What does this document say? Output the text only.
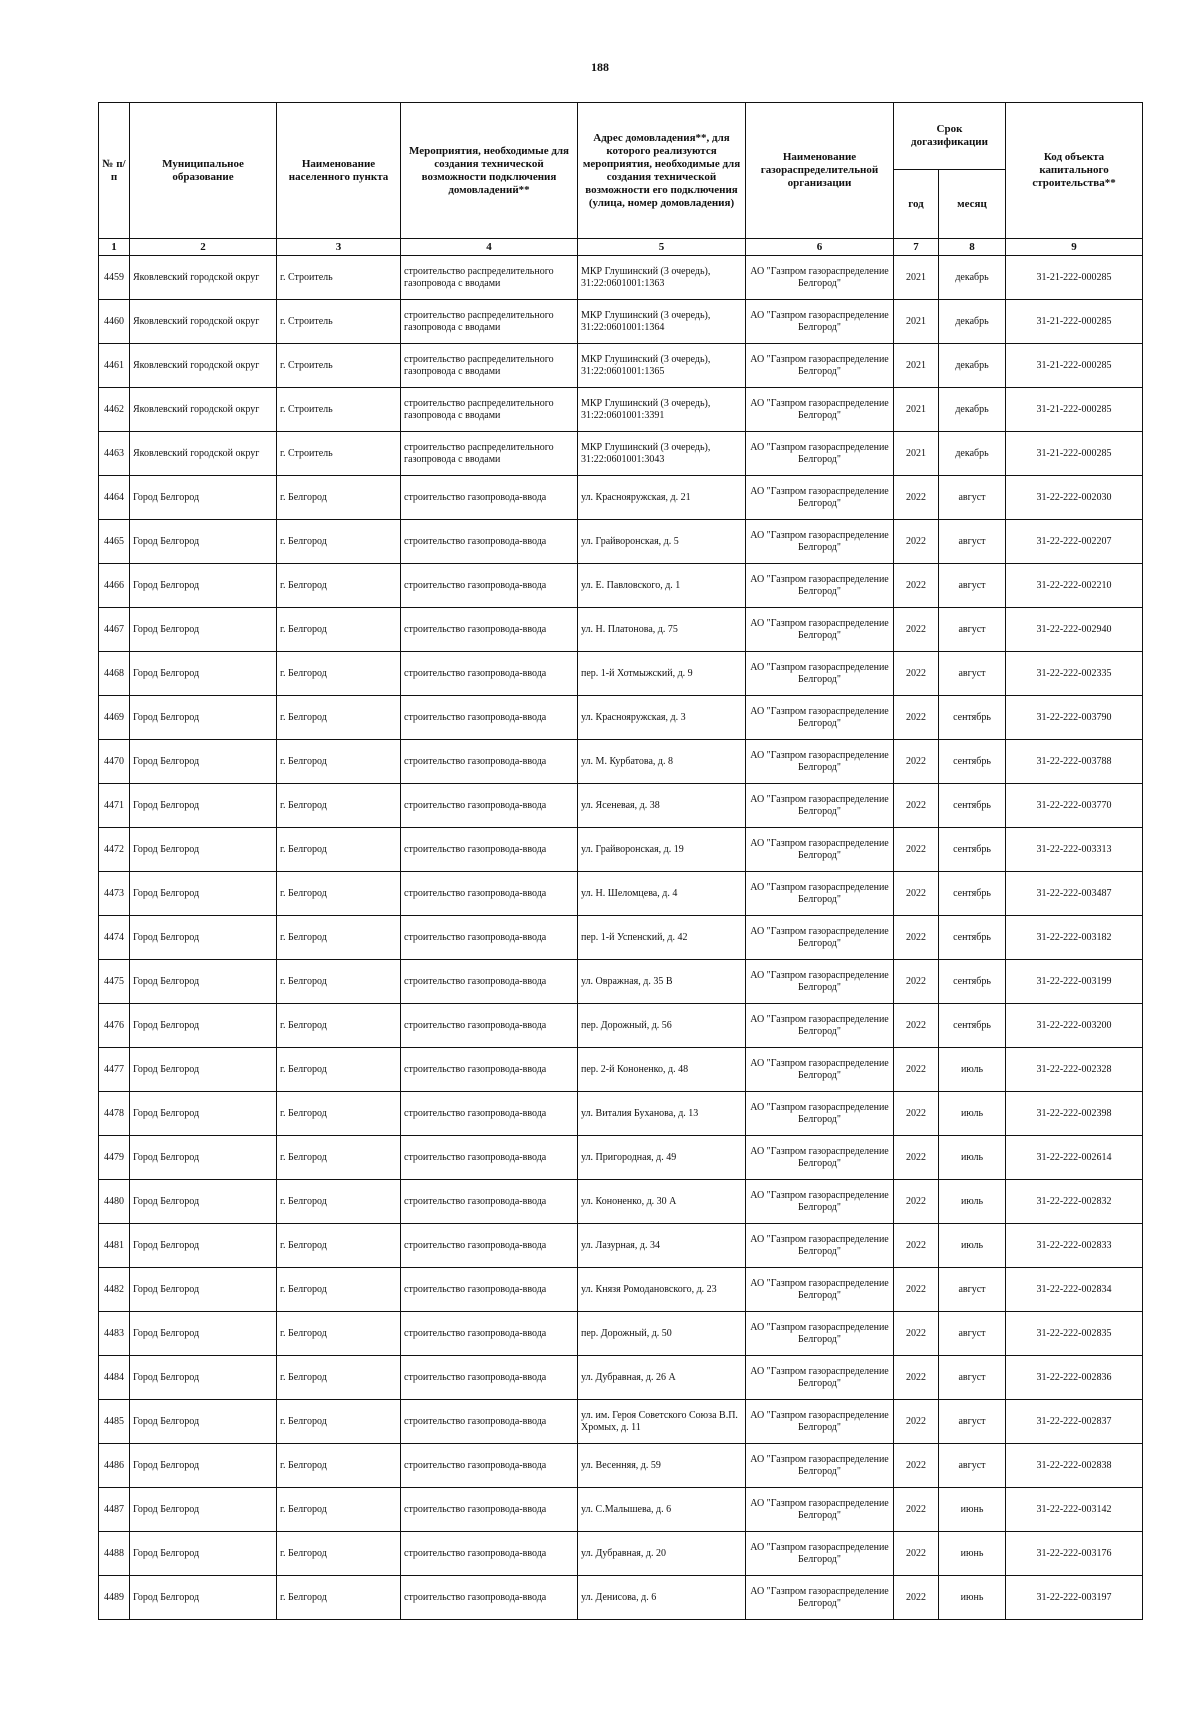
188
№ п/п	Муниципальное образование	Наименование населенного пункта	Мероприятия, необходимые для создания технической возможности подключения домовладений**	Адрес домовладения**, для которого реализуются мероприятия, необходимые для создания технической возможности его подключения (улица, номер домовладения)	Наименование газораспределительной организации	Срок догазификации		Код объекта капитального строительства**
						год	месяц	
1	2	3	4	5	6	7	8	9
4459	Яковлевский городской округ	г. Строитель	строительство распределительного газопровода с вводами	МКР Глушинский (3 очередь), 31:22:0601001:1363	АО "Газпром газораспределение Белгород"	2021	декабрь	31-21-222-000285
4460	Яковлевский городской округ	г. Строитель	строительство распределительного газопровода с вводами	МКР Глушинский (3 очередь), 31:22:0601001:1364	АО "Газпром газораспределение Белгород"	2021	декабрь	31-21-222-000285
4461	Яковлевский городской округ	г. Строитель	строительство распределительного газопровода с вводами	МКР Глушинский (3 очередь), 31:22:0601001:1365	АО "Газпром газораспределение Белгород"	2021	декабрь	31-21-222-000285
4462	Яковлевский городской округ	г. Строитель	строительство распределительного газопровода с вводами	МКР Глушинский (3 очередь), 31:22:0601001:3391	АО "Газпром газораспределение Белгород"	2021	декабрь	31-21-222-000285
4463	Яковлевский городской округ	г. Строитель	строительство распределительного газопровода с вводами	МКР Глушинский (3 очередь), 31:22:0601001:3043	АО "Газпром газораспределение Белгород"	2021	декабрь	31-21-222-000285
4464	Город Белгород	г. Белгород	строительство газопровода-ввода	ул. Краснояружская, д. 21	АО "Газпром газораспределение Белгород"	2022	август	31-22-222-002030
4465	Город Белгород	г. Белгород	строительство газопровода-ввода	ул. Грайворонская, д. 5	АО "Газпром газораспределение Белгород"	2022	август	31-22-222-002207
4466	Город Белгород	г. Белгород	строительство газопровода-ввода	ул. Е. Павловского, д. 1	АО "Газпром газораспределение Белгород"	2022	август	31-22-222-002210
4467	Город Белгород	г. Белгород	строительство газопровода-ввода	ул. Н. Платонова, д. 75	АО "Газпром газораспределение Белгород"	2022	август	31-22-222-002940
4468	Город Белгород	г. Белгород	строительство газопровода-ввода	пер. 1-й Хотмыжский, д. 9	АО "Газпром газораспределение Белгород"	2022	август	31-22-222-002335
4469	Город Белгород	г. Белгород	строительство газопровода-ввода	ул. Краснояружская, д. 3	АО "Газпром газораспределение Белгород"	2022	сентябрь	31-22-222-003790
4470	Город Белгород	г. Белгород	строительство газопровода-ввода	ул. М. Курбатова, д. 8	АО "Газпром газораспределение Белгород"	2022	сентябрь	31-22-222-003788
4471	Город Белгород	г. Белгород	строительство газопровода-ввода	ул. Ясеневая, д. 38	АО "Газпром газораспределение Белгород"	2022	сентябрь	31-22-222-003770
4472	Город Белгород	г. Белгород	строительство газопровода-ввода	ул. Грайворонская, д. 19	АО "Газпром газораспределение Белгород"	2022	сентябрь	31-22-222-003313
4473	Город Белгород	г. Белгород	строительство газопровода-ввода	ул. Н. Шеломцева, д. 4	АО "Газпром газораспределение Белгород"	2022	сентябрь	31-22-222-003487
4474	Город Белгород	г. Белгород	строительство газопровода-ввода	пер. 1-й Успенский, д. 42	АО "Газпром газораспределение Белгород"	2022	сентябрь	31-22-222-003182
4475	Город Белгород	г. Белгород	строительство газопровода-ввода	ул. Овражная, д. 35 В	АО "Газпром газораспределение Белгород"	2022	сентябрь	31-22-222-003199
4476	Город Белгород	г. Белгород	строительство газопровода-ввода	пер. Дорожный, д. 56	АО "Газпром газораспределение Белгород"	2022	сентябрь	31-22-222-003200
4477	Город Белгород	г. Белгород	строительство газопровода-ввода	пер. 2-й Кононенко, д. 48	АО "Газпром газораспределение Белгород"	2022	июль	31-22-222-002328
4478	Город Белгород	г. Белгород	строительство газопровода-ввода	ул. Виталия Буханова, д. 13	АО "Газпром газораспределение Белгород"	2022	июль	31-22-222-002398
4479	Город Белгород	г. Белгород	строительство газопровода-ввода	ул. Пригородная, д. 49	АО "Газпром газораспределение Белгород"	2022	июль	31-22-222-002614
4480	Город Белгород	г. Белгород	строительство газопровода-ввода	ул. Кононенко, д. 30 А	АО "Газпром газораспределение Белгород"	2022	июль	31-22-222-002832
4481	Город Белгород	г. Белгород	строительство газопровода-ввода	ул. Лазурная, д. 34	АО "Газпром газораспределение Белгород"	2022	июль	31-22-222-002833
4482	Город Белгород	г. Белгород	строительство газопровода-ввода	ул. Князя Ромодановского, д. 23	АО "Газпром газораспределение Белгород"	2022	август	31-22-222-002834
4483	Город Белгород	г. Белгород	строительство газопровода-ввода	пер. Дорожный, д. 50	АО "Газпром газораспределение Белгород"	2022	август	31-22-222-002835
4484	Город Белгород	г. Белгород	строительство газопровода-ввода	ул. Дубравная, д. 26 А	АО "Газпром газораспределение Белгород"	2022	август	31-22-222-002836
4485	Город Белгород	г. Белгород	строительство газопровода-ввода	ул. им. Героя Советского Союза В.П. Хромых, д. 11	АО "Газпром газораспределение Белгород"	2022	август	31-22-222-002837
4486	Город Белгород	г. Белгород	строительство газопровода-ввода	ул. Весенняя, д. 59	АО "Газпром газораспределение Белгород"	2022	август	31-22-222-002838
4487	Город Белгород	г. Белгород	строительство газопровода-ввода	ул. С.Малышева, д. 6	АО "Газпром газораспределение Белгород"	2022	июнь	31-22-222-003142
4488	Город Белгород	г. Белгород	строительство газопровода-ввода	ул. Дубравная, д. 20	АО "Газпром газораспределение Белгород"	2022	июнь	31-22-222-003176
4489	Город Белгород	г. Белгород	строительство газопровода-ввода	ул. Денисова, д. 6	АО "Газпром газораспределение Белгород"	2022	июнь	31-22-222-003197
